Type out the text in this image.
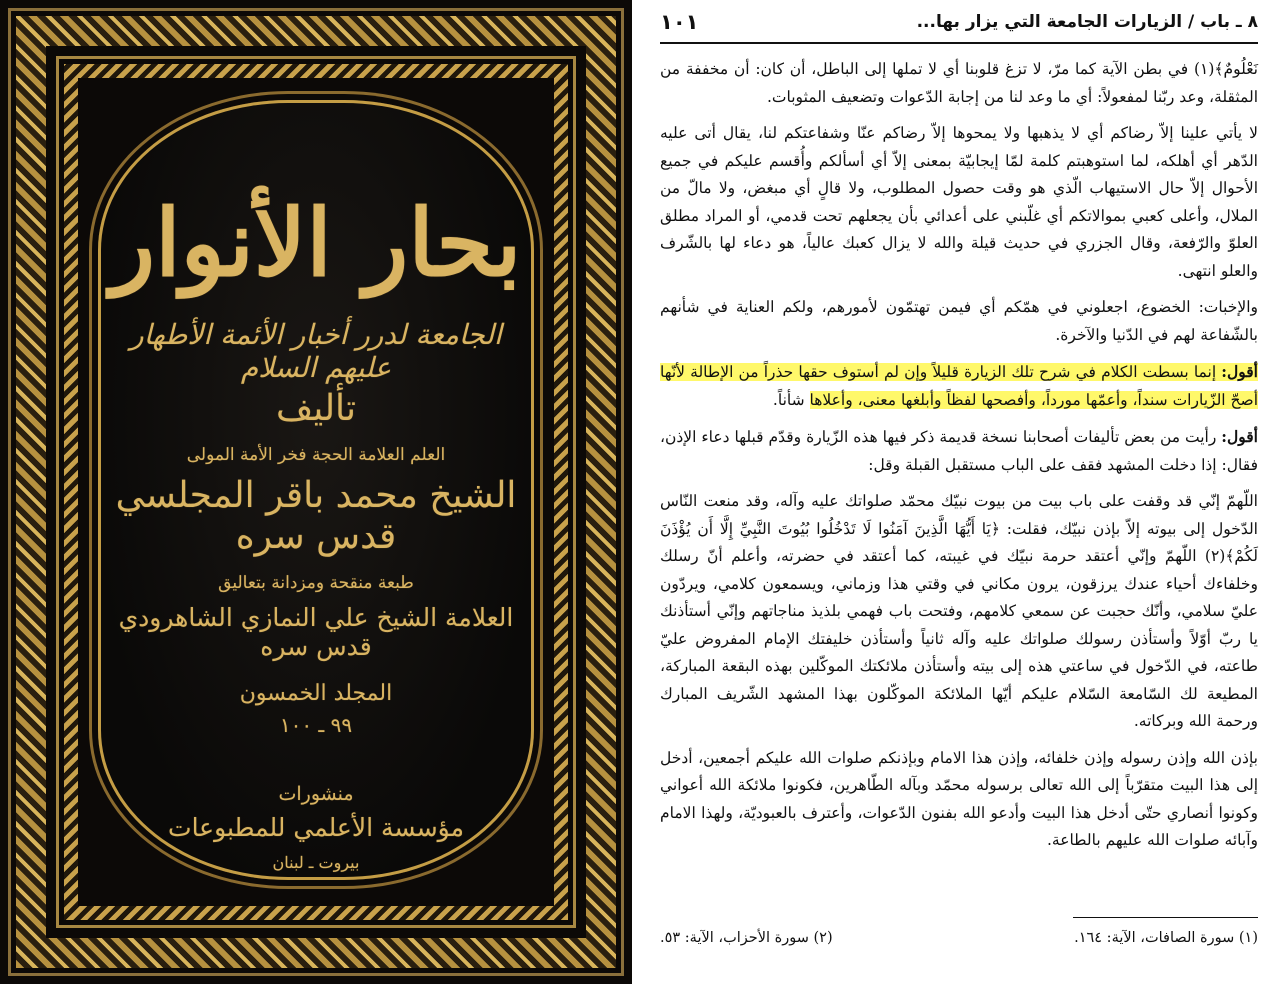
بحار الأنوار
الجامعة لدرر أخبار الأئمة الأطهار عليهم السلام
تأليف
العلم العلامة الحجة فخر الأمة المولى
الشيخ محمد باقر المجلسي قدس سره
طبعة منقحة ومزدانة بتعاليق
العلامة الشيخ علي النمازي الشاهرودي قدس سره
المجلد الخمسون
٩٩ ـ ١٠٠
منشورات
مؤسسة الأعلمي للمطبوعات
بيروت ـ لبنان
٨ ـ باب / الزيارات الجامعة التي يزار بها...
١٠١

نَعْلُومٌ﴾(١) في بطن الآية كما مرّ، لا تزغ قلوبنا أي لا تملها إلى الباطل، أن كان: أن مخففة من المثقلة، وعد ربّنا لمفعولاً: أي ما وعد لنا من إجابة الدّعوات وتضعيف المثوبات.

لا يأتي علينا إلاّ رضاكم أي لا يذهبها ولا يمحوها إلاّ رضاكم عنّا وشفاعتكم لنا، يقال أتى عليه الدّهر أي أهلكه، لما استوهبتم كلمة لمّا إيجابيّة بمعنى إلاّ أي أسألكم وأُقسم عليكم في جميع الأحوال إلاّ حال الاستيهاب الّذي هو وقت حصول المطلوب، ولا قالٍ أي مبغض، ولا مالّ من الملال، وأعلى كعبي بموالاتكم أي غلّبني على أعدائي بأن يجعلهم تحت قدمي، أو المراد مطلق العلوّ والرّفعة، وقال الجزري في حديث قيلة والله لا يزال كعبك عالياً، هو دعاء لها بالشّرف والعلو انتهى.

والإخبات: الخضوع، اجعلوني في همّكم أي فيمن تهتمّون لأمورهم، ولكم العناية في شأنهم بالشّفاعة لهم في الدّنيا والآخرة.

أقول: إنما بسطت الكلام في شرح تلك الزيارة قليلاً وإن لم أستوف حقها حذراً من الإطالة لأنّها أصحّ الزّيارات سنداً، وأعمّها مورداً، وأفصحها لفظاً وأبلغها معنى، وأعلاها شأناً.

أقول: رأيت من بعض تأليفات أصحابنا نسخة قديمة ذكر فيها هذه الزّيارة وقدّم قبلها دعاء الإذن، فقال: إذا دخلت المشهد فقف على الباب مستقبل القبلة وقل:

اللّهمّ إنّي قد وقفت على باب بيت من بيوت نبيّك محمّد صلواتك عليه وآله، وقد منعت النّاس الدّخول إلى بيوته إلاّ بإذن نبيّك، فقلت: ﴿يَا أَيُّهَا الَّذِينَ آمَنُوا لَا تَدْخُلُوا بُيُوتَ النَّبِيِّ إِلَّا أَن يُؤْذَنَ لَكُمْ﴾(٢) اللّهمّ وإنّي أعتقد حرمة نبيّك في غيبته، كما أعتقد في حضرته، وأعلم أنّ رسلك وخلفاءك أحياء عندك يرزقون، يرون مكاني في وقتي هذا وزماني، ويسمعون كلامي، ويردّون عليّ سلامي، وأنّك حجبت عن سمعي كلامهم، وفتحت باب فهمي بلذيذ مناجاتهم وإنّي أستأذنك يا ربّ أوّلاً وأستأذن رسولك صلواتك عليه وآله ثانياً وأستأذن خليفتك الإمام المفروض عليّ طاعته، في الدّخول في ساعتي هذه إلى بيته وأستأذن ملائكتك الموكّلين بهذه البقعة المباركة، المطيعة لك السّامعة السّلام عليكم أيّها الملائكة الموكّلون بهذا المشهد الشّريف المبارك ورحمة الله وبركاته.

بإذن الله وإذن رسوله وإذن خلفائه، وإذن هذا الامام وبإذنكم صلوات الله عليكم أجمعين، أدخل إلى هذا البيت متقرّباً إلى الله تعالى برسوله محمّد وبآله الطّاهرين، فكونوا ملائكة الله أعواني وكونوا أنصاري حتّى أدخل هذا البيت وأدعو الله بفنون الدّعوات، وأعترف بالعبوديّة، ولهذا الامام وآبائه صلوات الله عليهم بالطاعة.

(١) سورة الصافات، الآية: ١٦٤.
(٢) سورة الأحزاب، الآية: ٥٣.
